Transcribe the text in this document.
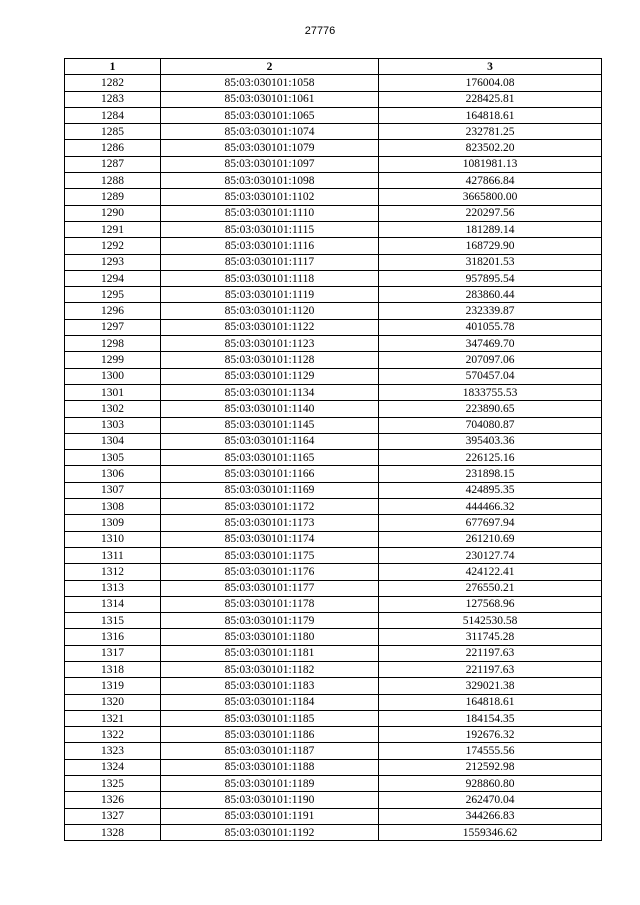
27776
1	2	3
1282	85:03:030101:1058	176004.08
1283	85:03:030101:1061	228425.81
1284	85:03:030101:1065	164818.61
1285	85:03:030101:1074	232781.25
1286	85:03:030101:1079	823502.20
1287	85:03:030101:1097	1081981.13
1288	85:03:030101:1098	427866.84
1289	85:03:030101:1102	3665800.00
1290	85:03:030101:1110	220297.56
1291	85:03:030101:1115	181289.14
1292	85:03:030101:1116	168729.90
1293	85:03:030101:1117	318201.53
1294	85:03:030101:1118	957895.54
1295	85:03:030101:1119	283860.44
1296	85:03:030101:1120	232339.87
1297	85:03:030101:1122	401055.78
1298	85:03:030101:1123	347469.70
1299	85:03:030101:1128	207097.06
1300	85:03:030101:1129	570457.04
1301	85:03:030101:1134	1833755.53
1302	85:03:030101:1140	223890.65
1303	85:03:030101:1145	704080.87
1304	85:03:030101:1164	395403.36
1305	85:03:030101:1165	226125.16
1306	85:03:030101:1166	231898.15
1307	85:03:030101:1169	424895.35
1308	85:03:030101:1172	444466.32
1309	85:03:030101:1173	677697.94
1310	85:03:030101:1174	261210.69
1311	85:03:030101:1175	230127.74
1312	85:03:030101:1176	424122.41
1313	85:03:030101:1177	276550.21
1314	85:03:030101:1178	127568.96
1315	85:03:030101:1179	5142530.58
1316	85:03:030101:1180	311745.28
1317	85:03:030101:1181	221197.63
1318	85:03:030101:1182	221197.63
1319	85:03:030101:1183	329021.38
1320	85:03:030101:1184	164818.61
1321	85:03:030101:1185	184154.35
1322	85:03:030101:1186	192676.32
1323	85:03:030101:1187	174555.56
1324	85:03:030101:1188	212592.98
1325	85:03:030101:1189	928860.80
1326	85:03:030101:1190	262470.04
1327	85:03:030101:1191	344266.83
1328	85:03:030101:1192	1559346.62
